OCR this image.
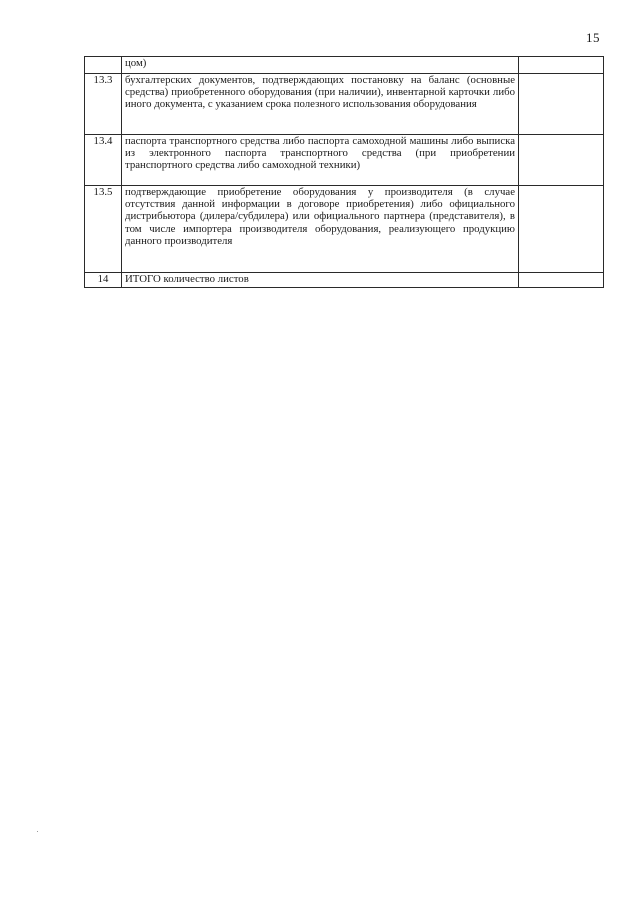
15
	цом)	
13.3	бухгалтерских документов, подтверждающих постановку на баланс (основные средства) приобретенного оборудования (при наличии), инвентарной карточки либо иного документа, с указанием срока полезного использования оборудования	
13.4	паспорта транспортного средства либо паспорта самоходной машины либо выписка из электронного паспорта транспортного средства (при приобретении транспортного средства либо самоходной техники)	
13.5	подтверждающие приобретение оборудования у производителя (в случае отсутствия данной информации в договоре приобретения) либо официального дистрибьютора (дилера/субдилера) или официального партнера (представителя), в том числе импортера производителя оборудования, реализующего продукцию данного производителя	
14	ИТОГО количество листов	
